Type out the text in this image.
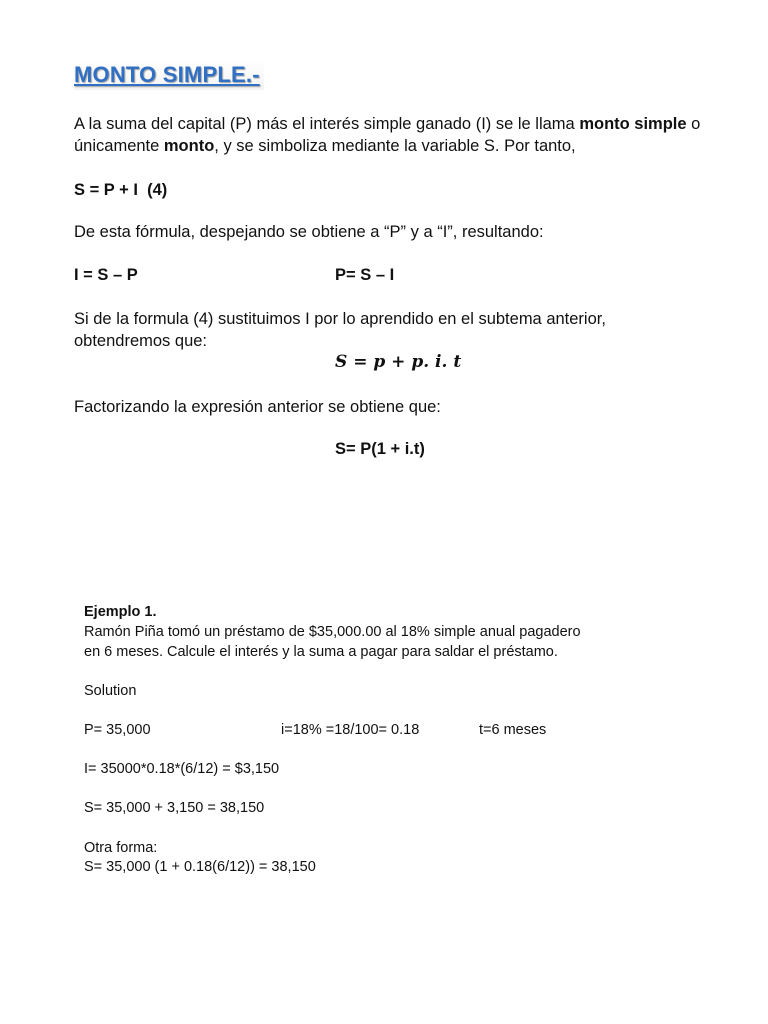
MONTO SIMPLE.-
A la suma del capital (P) más el interés simple ganado (I) se le llama monto simple o
únicamente monto, y se simboliza mediante la variable S. Por tanto,
S = P + I  (4)
De esta fórmula, despejando se obtiene a “P” y a “I”, resultando:
I = S – P	P= S – I
Si de la formula (4) sustituimos I por lo aprendido en el subtema anterior,
obtendremos que:
𝑺 = 𝒑 + 𝒑. 𝒊. 𝒕
Factorizando la expresión anterior se obtiene que:
S= P(1 + i.t)
Ejemplo 1.
Ramón Piña tomó un préstamo de $35,000.00 al 18% simple anual pagadero
en 6 meses. Calcule el interés y la suma a pagar para saldar el préstamo.
Solution
P= 35,000	i=18% =18/100= 0.18	t=6 meses
I= 35000*0.18*(6/12) = $3,150
S= 35,000 + 3,150 = 38,150
Otra forma:
S= 35,000 (1 + 0.18(6/12)) = 38,150
